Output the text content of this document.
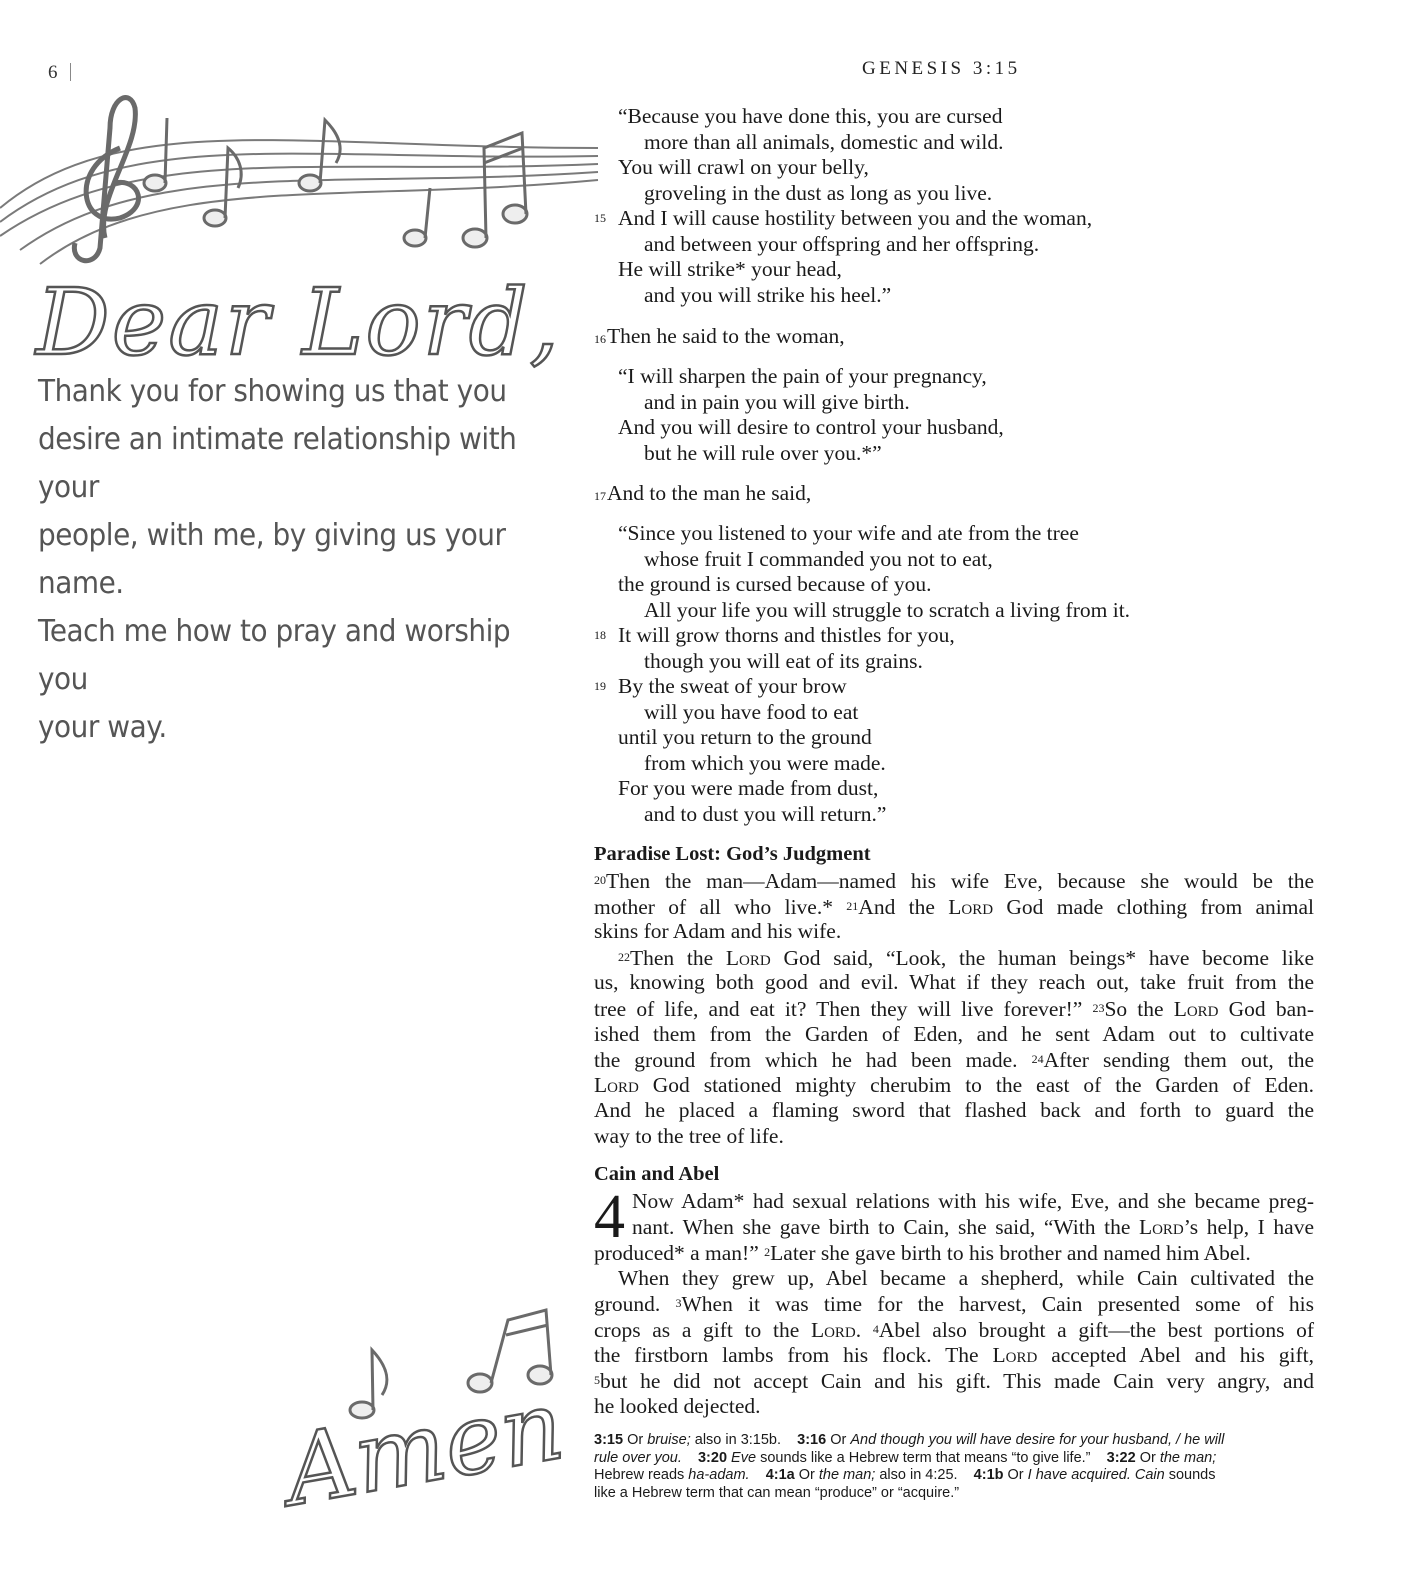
6	GENESIS 3:15
Dear Lord,

Thank you for showing us that you

desire an intimate relationship with your

people, with me, by giving us your name.

Teach me how to pray and worship you

your way.

Amen
“Because you have done this, you are cursed
more than all animals, domestic and wild.
You will crawl on your belly,
groveling in the dust as long as you live.
15 And I will cause hostility between you and the woman,
and between your offspring and her offspring.
He will strike* your head,
and you will strike his heel.”
16Then he said to the woman,
“I will sharpen the pain of your pregnancy,
and in pain you will give birth.
And you will desire to control your husband,
but he will rule over you.*”
17And to the man he said,
“Since you listened to your wife and ate from the tree
whose fruit I commanded you not to eat,
the ground is cursed because of you.
All your life you will struggle to scratch a living from it.
18 It will grow thorns and thistles for you,
though you will eat of its grains.
19 By the sweat of your brow
will you have food to eat
until you return to the ground
from which you were made.
For you were made from dust,
and to dust you will return.”
Paradise Lost: God’s Judgment
$^{20}$Then the man—Adam—named his wife Eve, because she would be the
mother of all who live.* $^{21}$And the Lord God made clothing from animal
skins for Adam and his wife.
$^{22}$Then the Lord God said, “Look, the human beings* have become like
us, knowing both good and evil. What if they reach out, take fruit from the
tree of life, and eat it? Then they will live forever!” $^{23}$So the Lord God ban-
ished them from the Garden of Eden, and he sent Adam out to cultivate
the ground from which he had been made. $^{24}$After sending them out, the
Lord God stationed mighty cherubim to the east of the Garden of Eden.
And he placed a flaming sword that flashed back and forth to guard the
way to the tree of life.
Cain and Abel
4 Now Adam* had sexual relations with his wife, Eve, and she became preg-
nant. When she gave birth to Cain, she said, “With the Lord’s help, I have
produced* a man!” $^2$Later she gave birth to his brother and named him Abel.
When they grew up, Abel became a shepherd, while Cain cultivated the
ground. $^3$When it was time for the harvest, Cain presented some of his
crops as a gift to the Lord. $^4$Abel also brought a gift—the best portions of
the firstborn lambs from his flock. The Lord accepted Abel and his gift,
$^5$but he did not accept Cain and his gift. This made Cain very angry, and
he looked dejected.
3:15 Or bruise; also in 3:15b. 3:16 Or And though you will have desire for your husband, / he will
rule over you. 3:20 Eve sounds like a Hebrew term that means “to give life.” 3:22 Or the man;
Hebrew reads ha-adam. 4:1a Or the man; also in 4:25. 4:1b Or I have acquired. Cain sounds
like a Hebrew term that can mean “produce” or “acquire.”
